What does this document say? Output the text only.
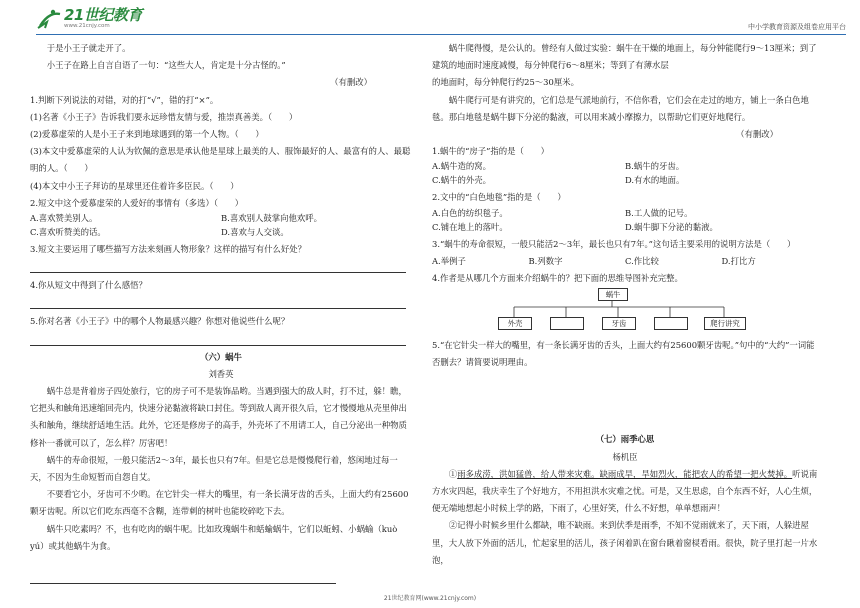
21世纪教育
www.21cnjy.com	中小学教育资源及组卷应用平台

于是小王子就走开了。

小王子在路上自言自语了一句：“这些大人，肯定是十分古怪的。”

（有删改）

1.判断下列说法的对错，对的打“√”，错的打“×”。

(1)名著《小王子》告诉我们要永远珍惜友情与爱，推崇真善美。（　　）

(2)爱慕虚荣的人是小王子来到地球遇到的第一个人物。（　　）

(3)本文中爱慕虚荣的人认为钦佩的意思是承认他是星球上最美的人、服饰最好的人、最富有的人、最聪明的人。（　　）

(4)本文中小王子拜访的星球里还住着许多臣民。（　　）

2.短文中这个爱慕虚荣的人爱好的事情有（多选）（　　）

A.喜欢赞美别人。	B.喜欢别人鼓掌向他欢呼。
C.喜欢听赞美的话。	D.喜欢与人交谈。

3.短文主要运用了哪些描写方法来刻画人物形象？这样的描写有什么好处？

4.你从短文中得到了什么感悟？

5.你对名著《小王子》中的哪个人物最感兴趣？你想对他说些什么呢？

（六）蜗牛

刘香英

蜗牛总是背着房子四处旅行，它的房子可不是装饰品哟。当遇到强大的敌人时，打不过，躲！瞧，它把头和触角迅速缩回壳内，快速分泌黏液将缺口封住。等到敌人离开很久后，它才慢慢地从壳里伸出头和触角，继续舒适地生活。此外，它还是修房子的高手，外壳坏了不用请工人，自己分泌出一种物质修补一番就可以了，怎么样？厉害吧！

蜗牛的寿命很短，一般只能活2～3年，最长也只有7年。但是它总是慢慢爬行着，悠闲地过每一天，不因为生命短暂而自怨自艾。

不要看它小，牙齿可不少哟。在它针尖一样大的嘴里，有一条长满牙齿的舌头，上面大约有25600颗牙齿呢。所以它们吃东西毫不含糊，连带刺的树叶也能咬碎吃下去。

蜗牛只吃素吗？不，也有吃肉的蜗牛呢。比如玫瑰蜗牛和蛞蝓蜗牛，它们以蚯蚓、小蜗蝓（kuò yú）或其他蜗牛为食。

蜗牛爬得慢，是公认的。曾经有人做过实验：蜗牛在干燥的地面上，每分钟能爬行9～13厘米；到了建筑的地面时速度减慢，每分钟爬行6～8厘米；等到了有薄水层

的地面时，每分钟爬行约25～30厘米。

蜗牛爬行可是有讲究的，它们总是气派地前行，不信你看，它们会在走过的地方，铺上一条白色地毯。那白地毯是蜗牛脚下分泌的黏液，可以用来减小摩擦力，以帮助它们更好地爬行。

（有删改）

1.蜗牛的“房子”指的是（　　）

A.蜗牛造的窝。	B.蜗牛的牙齿。
C.蜗牛的外壳。	D.有水的地面。

2.文中的“白色地毯”指的是（　　）

A.白色的纺织毯子。	B.工人做的记号。
C.铺在地上的落叶。	D.蜗牛脚下分泌的黏液。

3.“蜗牛的寿命很短，一般只能活2～3年，最长也只有7年。”这句话主要采用的说明方法是（　　）

A.举例子	B.列数字	C.作比较	D.打比方

4.作者是从哪几个方面来介绍蜗牛的？把下面的思维导图补充完整。

蜗牛
外壳	牙齿	爬行讲究

5.“在它针尖一样大的嘴里，有一条长满牙齿的舌头，上面大约有25600颗牙齿呢。”句中的“大约”一词能否删去？请简要说明理由。

（七）雨季心思

杨机臣

①雨多成涝，洪如猛兽，给人带来灾难。缺雨成旱，旱如烈火，能把农人的希望一把火焚掉。听说南方水灾四起，我庆幸生了个好地方，不用担洪水灾难之忧。可是，又生思虑，自个东西不好，人心生烦，便无端地想起小时候上学的路，下雨了，心里好笑，什么不好想，单单想雨声！

②记得小时候乡里什么都缺，唯不缺雨。来到伏季是雨季，不知不觉雨就来了，天下雨，人躲进屋里，大人放下外面的活儿，忙起家里的活儿，孩子闲着趴在窗台瞅着窗棂看雨。很快，院子里打起一片水泡，

21世纪教育网(www.21cnjy.com)
